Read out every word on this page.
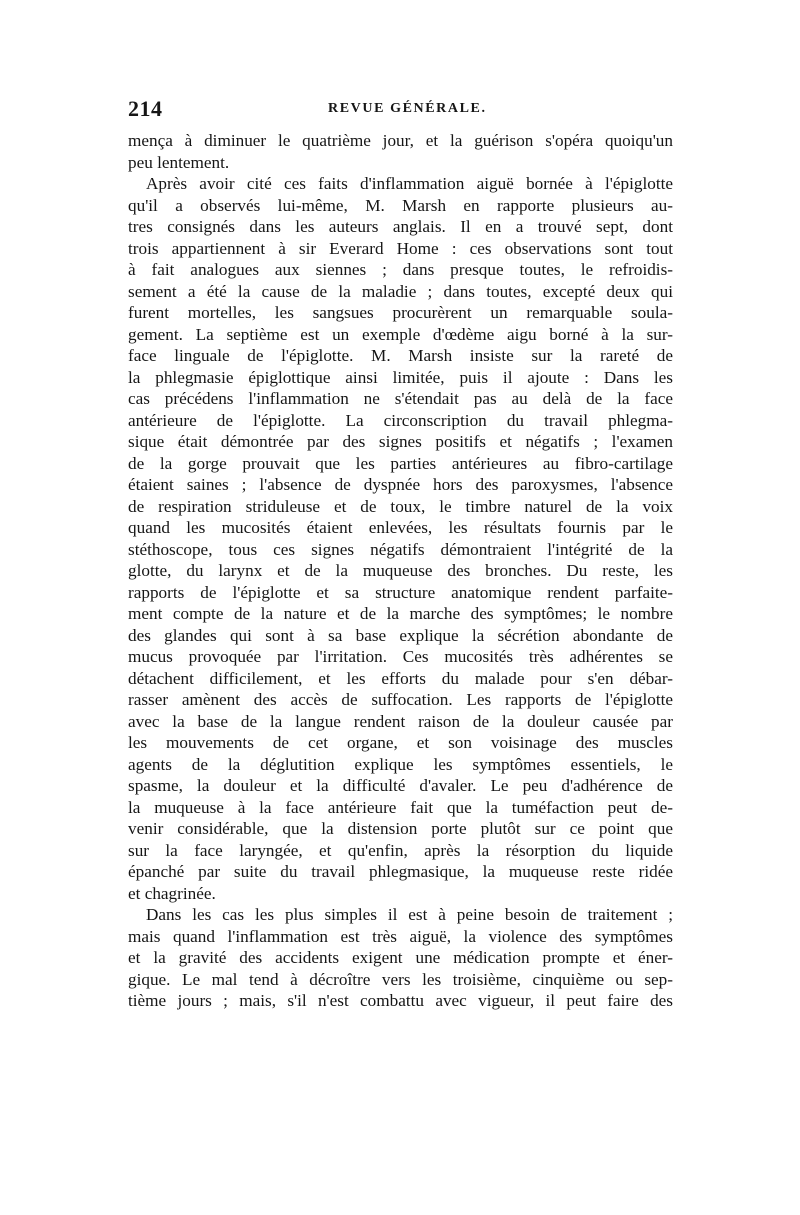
214	REVUE GÉNÉRALE.
mença à diminuer le quatrième jour, et la guérison s'opéra quoiqu'un
peu lentement.
Après avoir cité ces faits d'inflammation aiguë bornée à l'épiglotte
qu'il a observés lui-même, M. Marsh en rapporte plusieurs au-
tres consignés dans les auteurs anglais. Il en a trouvé sept, dont
trois appartiennent à sir Everard Home : ces observations sont tout
à fait analogues aux siennes ; dans presque toutes, le refroidis-
sement a été la cause de la maladie ; dans toutes, excepté deux qui
furent mortelles, les sangsues procurèrent un remarquable soula-
gement. La septième est un exemple d'œdème aigu borné à la sur-
face linguale de l'épiglotte. M. Marsh insiste sur la rareté de
la phlegmasie épiglottique ainsi limitée, puis il ajoute : Dans les
cas précédens l'inflammation ne s'étendait pas au delà de la face
antérieure de l'épiglotte. La circonscription du travail phlegma-
sique était démontrée par des signes positifs et négatifs ; l'examen
de la gorge prouvait que les parties antérieures au fibro-cartilage
étaient saines ; l'absence de dyspnée hors des paroxysmes, l'absence
de respiration striduleuse et de toux, le timbre naturel de la voix
quand les mucosités étaient enlevées, les résultats fournis par le
stéthoscope, tous ces signes négatifs démontraient l'intégrité de la
glotte, du larynx et de la muqueuse des bronches. Du reste, les
rapports de l'épiglotte et sa structure anatomique rendent parfaite-
ment compte de la nature et de la marche des symptômes; le nombre
des glandes qui sont à sa base explique la sécrétion abondante de
mucus provoquée par l'irritation. Ces mucosités très adhérentes se
détachent difficilement, et les efforts du malade pour s'en débar-
rasser amènent des accès de suffocation. Les rapports de l'épiglotte
avec la base de la langue rendent raison de la douleur causée par
les mouvements de cet organe, et son voisinage des muscles
agents de la déglutition explique les symptômes essentiels, le
spasme, la douleur et la difficulté d'avaler. Le peu d'adhérence de
la muqueuse à la face antérieure fait que la tuméfaction peut de-
venir considérable, que la distension porte plutôt sur ce point que
sur la face laryngée, et qu'enfin, après la résorption du liquide
épanché par suite du travail phlegmasique, la muqueuse reste ridée
et chagrinée.
Dans les cas les plus simples il est à peine besoin de traitement ;
mais quand l'inflammation est très aiguë, la violence des symptômes
et la gravité des accidents exigent une médication prompte et éner-
gique. Le mal tend à décroître vers les troisième, cinquième ou sep-
tième jours ; mais, s'il n'est combattu avec vigueur, il peut faire des
